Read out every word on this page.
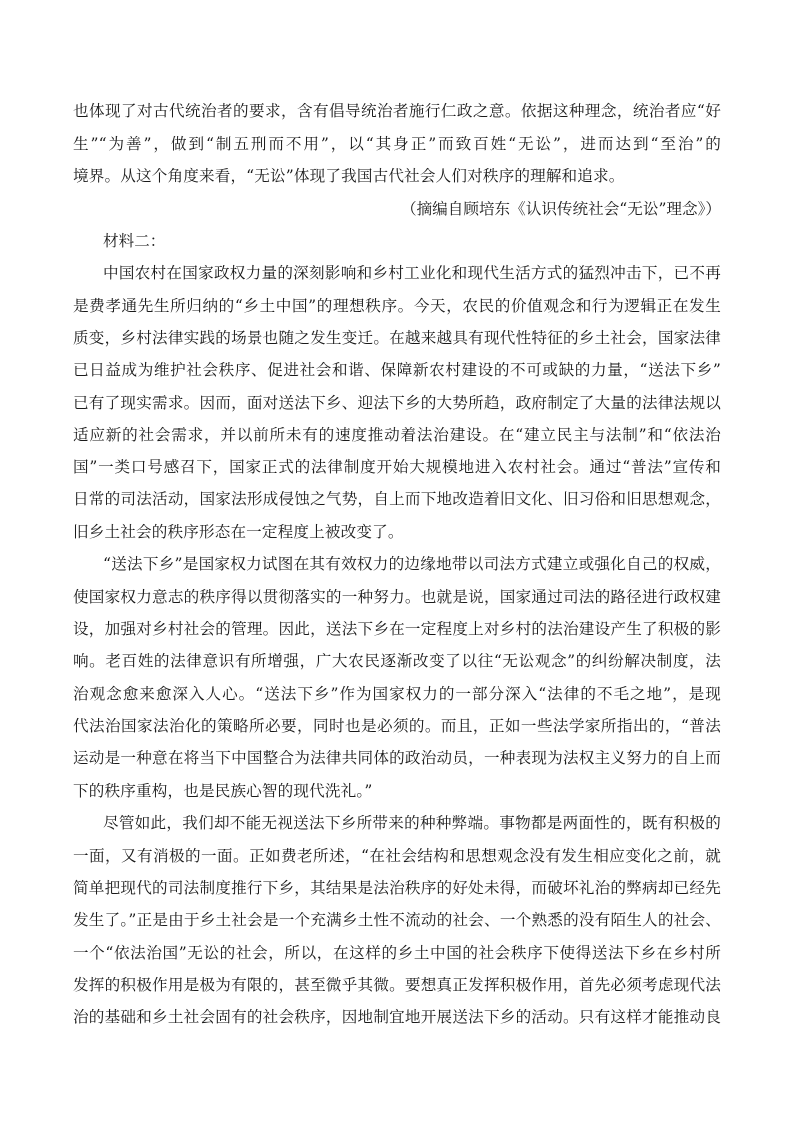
也体现了对古代统治者的要求，含有倡导统治者施行仁政之意。依据这种理念，统治者应“好
生”“为善”，做到“制五刑而不用”，以“其身正”而致百姓“无讼”，进而达到“至治”的
境界。从这个角度来看，“无讼”体现了我国古代社会人们对秩序的理解和追求。
（摘编自顾培东《认识传统社会“无讼”理念》）
材料二：
中国农村在国家政权力量的深刻影响和乡村工业化和现代生活方式的猛烈冲击下，已不再
是费孝通先生所归纳的“乡土中国”的理想秩序。今天，农民的价值观念和行为逻辑正在发生
质变，乡村法律实践的场景也随之发生变迁。在越来越具有现代性特征的乡土社会，国家法律
已日益成为维护社会秩序、促进社会和谐、保障新农村建设的不可或缺的力量，“送法下乡”
已有了现实需求。因而，面对送法下乡、迎法下乡的大势所趋，政府制定了大量的法律法规以
适应新的社会需求，并以前所未有的速度推动着法治建设。在“建立民主与法制”和“依法治
国”一类口号感召下，国家正式的法律制度开始大规模地进入农村社会。通过“普法”宣传和
日常的司法活动，国家法形成侵蚀之气势，自上而下地改造着旧文化、旧习俗和旧思想观念，
旧乡土社会的秩序形态在一定程度上被改变了。
“送法下乡”是国家权力试图在其有效权力的边缘地带以司法方式建立或强化自己的权威，
使国家权力意志的秩序得以贯彻落实的一种努力。也就是说，国家通过司法的路径进行政权建
设，加强对乡村社会的管理。因此，送法下乡在一定程度上对乡村的法治建设产生了积极的影
响。老百姓的法律意识有所增强，广大农民逐渐改变了以往“无讼观念”的纠纷解决制度，法
治观念愈来愈深入人心。“送法下乡”作为国家权力的一部分深入“法律的不毛之地”，是现
代法治国家法治化的策略所必要，同时也是必须的。而且，正如一些法学家所指出的，“普法
运动是一种意在将当下中国整合为法律共同体的政治动员，一种表现为法权主义努力的自上而
下的秩序重构，也是民族心智的现代洗礼。”
尽管如此，我们却不能无视送法下乡所带来的种种弊端。事物都是两面性的，既有积极的
一面，又有消极的一面。正如费老所述，“在社会结构和思想观念没有发生相应变化之前，就
简单把现代的司法制度推行下乡，其结果是法治秩序的好处未得，而破坏礼治的弊病却已经先
发生了。”正是由于乡土社会是一个充满乡土性不流动的社会、一个熟悉的没有陌生人的社会、
一个“依法治国”无讼的社会，所以，在这样的乡土中国的社会秩序下使得送法下乡在乡村所
发挥的积极作用是极为有限的，甚至微乎其微。要想真正发挥积极作用，首先必须考虑现代法
治的基础和乡土社会固有的社会秩序，因地制宜地开展送法下乡的活动。只有这样才能推动良
